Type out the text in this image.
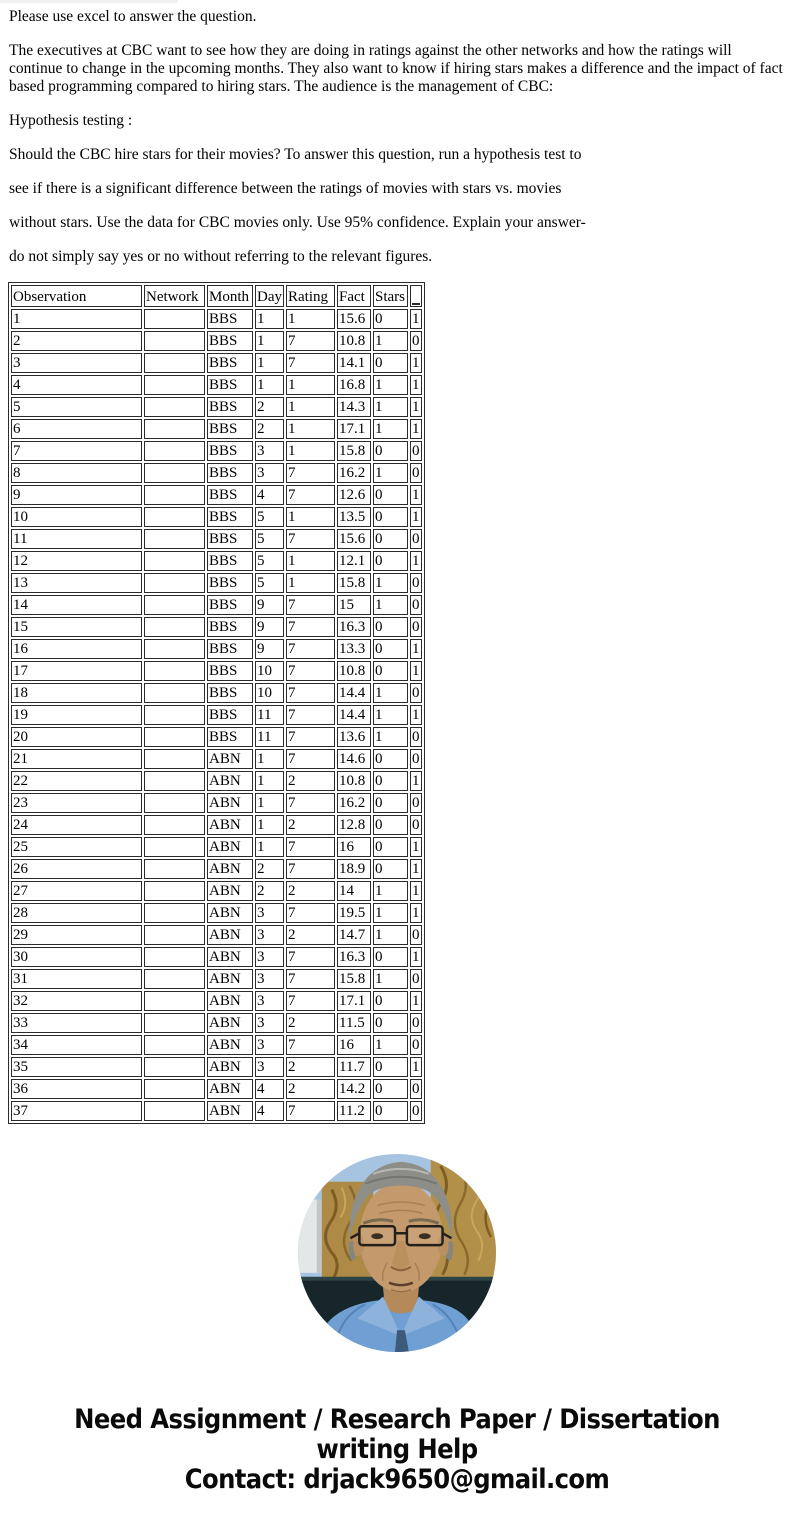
Please use excel to answer the question.

The executives at CBC want to see how they are doing in ratings against the other networks and how the ratings will continue to change in the upcoming months. They also want to know if hiring stars makes a difference and the impact of fact based programming compared to hiring stars. The audience is the management of CBC:

Hypothesis testing :

Should the CBC hire stars for their movies? To answer this question, run a hypothesis test to

see if there is a significant difference between the ratings of movies with stars vs. movies

without stars. Use the data for CBC movies only. Use 95% confidence. Explain your answer-

do not simply say yes or no without referring to the relevant figures.

Observation	Network	Month	Day	Rating	Fact	Stars	

1		BBS	1	1	15.6	0	1
2		BBS	1	7	10.8	1	0
3		BBS	1	7	14.1	0	1
4		BBS	1	1	16.8	1	1
5		BBS	2	1	14.3	1	1
6		BBS	2	1	17.1	1	1
7		BBS	3	1	15.8	0	0
8		BBS	3	7	16.2	1	0
9		BBS	4	7	12.6	0	1
10		BBS	5	1	13.5	0	1
11		BBS	5	7	15.6	0	0
12		BBS	5	1	12.1	0	1
13		BBS	5	1	15.8	1	0
14		BBS	9	7	15	1	0
15		BBS	9	7	16.3	0	0
16		BBS	9	7	13.3	0	1
17		BBS	10	7	10.8	0	1
18		BBS	10	7	14.4	1	0
19		BBS	11	7	14.4	1	1
20		BBS	11	7	13.6	1	0
21		ABN	1	7	14.6	0	0
22		ABN	1	2	10.8	0	1
23		ABN	1	7	16.2	0	0
24		ABN	1	2	12.8	0	0
25		ABN	1	7	16	0	1
26		ABN	2	7	18.9	0	1
27		ABN	2	2	14	1	1
28		ABN	3	7	19.5	1	1
29		ABN	3	2	14.7	1	0
30		ABN	3	7	16.3	0	1
31		ABN	3	7	15.8	1	0
32		ABN	3	7	17.1	0	1
33		ABN	3	2	11.5	0	0
34		ABN	3	7	16	1	0
35		ABN	3	2	11.7	0	1
36		ABN	4	2	14.2	0	0
37		ABN	4	7	11.2	0	0
Need Assignment / Research Paper / Dissertation
writing Help
Contact: drjack9650@gmail.com
